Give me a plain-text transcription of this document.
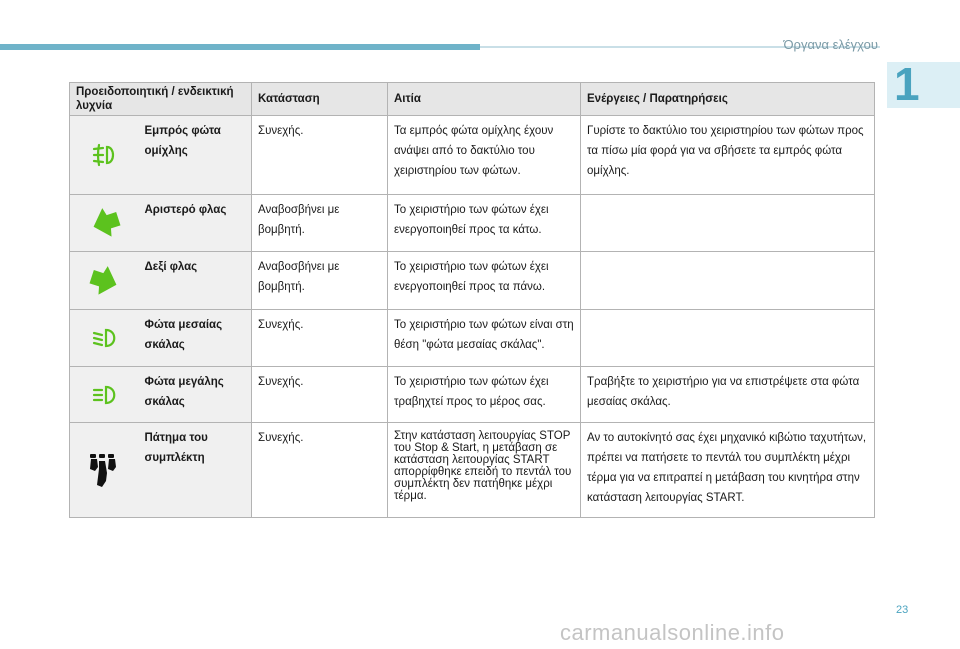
Όργανα ελέγχου
1
Προειδοποιητική / ενδεικτική λυχνία		Κατάσταση	Αιτία	Ενέργειες / Παρατηρήσεις
	Εμπρός φώτα ομίχλης	Συνεχής.	Τα εμπρός φώτα ομίχλης έχουν ανάψει από το δακτύλιο του χειριστηρίου των φώτων.	Γυρίστε το δακτύλιο του χειριστηρίου των φώτων προς τα πίσω μία φορά για να σβήσετε τα εμπρός φώτα ομίχλης.
	Αριστερό φλας	Αναβοσβήνει με βομβητή.	Το χειριστήριο των φώτων έχει ενεργοποιηθεί προς τα κάτω.	
	Δεξί φλας	Αναβοσβήνει με βομβητή.	Το χειριστήριο των φώτων έχει ενεργοποιηθεί προς τα πάνω.	
	Φώτα μεσαίας σκάλας	Συνεχής.	Το χειριστήριο των φώτων είναι στη θέση "φώτα μεσαίας σκάλας".	
	Φώτα μεγάλης σκάλας	Συνεχής.	Το χειριστήριο των φώτων έχει τραβηχτεί προς το μέρος σας.	Τραβήξτε το χειριστήριο για να επιστρέψετε στα φώτα μεσαίας σκάλας.
	Πάτημα του συμπλέκτη	Συνεχής.	Στην κατάσταση λειτουργίας STOP του Stop & Start, η μετάβαση σε κατάσταση λειτουργίας START απορρίφθηκε επειδή το πεντάλ του συμπλέκτη δεν πατήθηκε μέχρι τέρμα.	Αν το αυτοκίνητό σας έχει μηχανικό κιβώτιο ταχυτήτων, πρέπει να πατήσετε το πεντάλ του συμπλέκτη μέχρι τέρμα για να επιτραπεί η μετάβαση του κινητήρα στην κατάσταση λειτουργίας START.
23
carmanualsonline.info
